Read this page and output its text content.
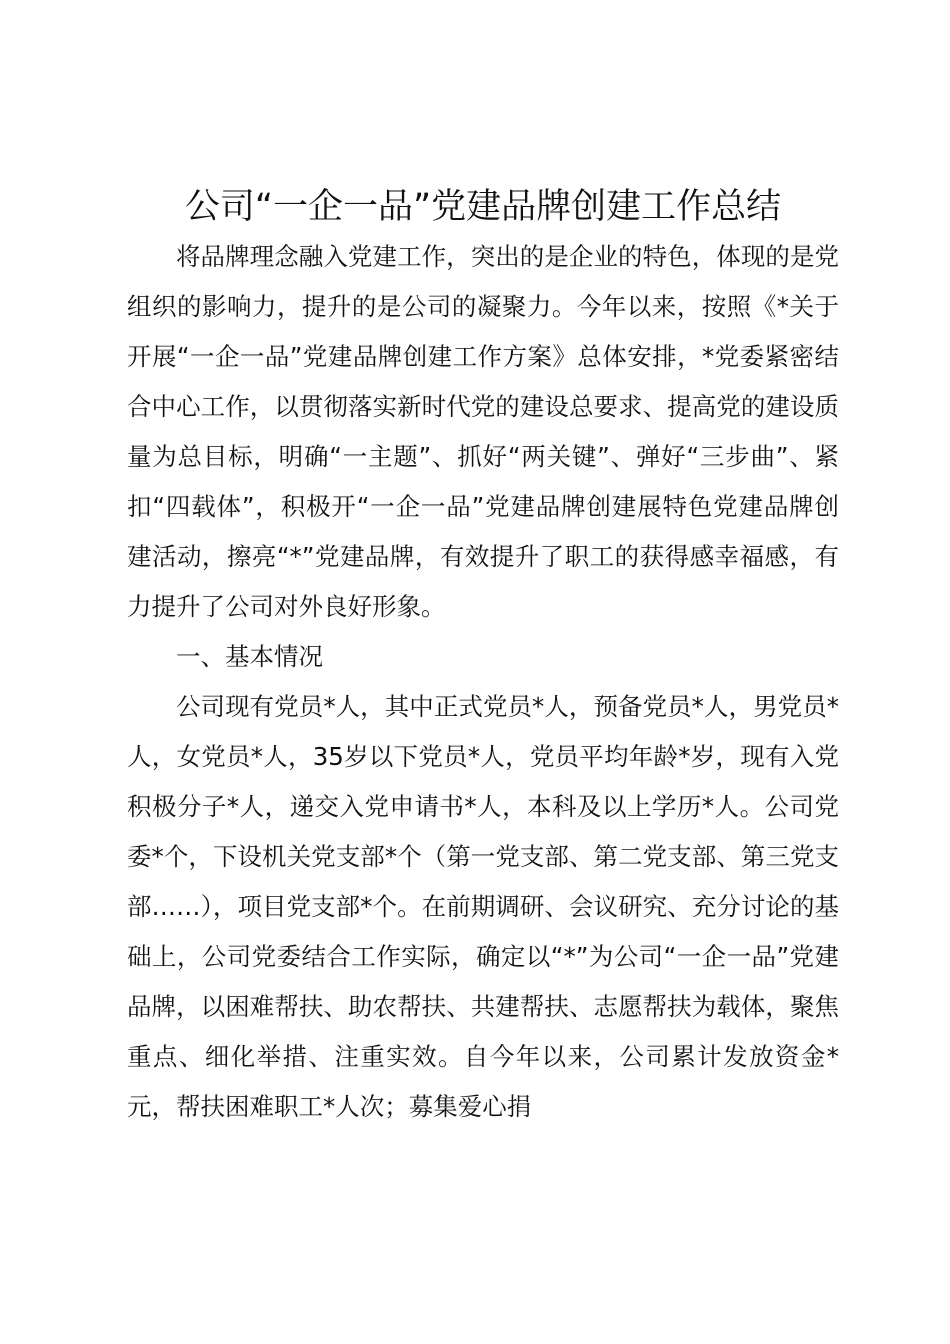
公司“一企一品”党建品牌创建工作总结

将品牌理念融入党建工作，突出的是企业的特色，体现的是党组织的影响力，提升的是公司的凝聚力。今年以来，按照《*关于开展“一企一品”党建品牌创建工作方案》总体安排，*党委紧密结合中心工作，以贯彻落实新时代党的建设总要求、提高党的建设质量为总目标，明确“一主题”、抓好“两关键”、弹好“三步曲”、紧扣“四载体”，积极开“一企一品”党建品牌创建展特色党建品牌创建活动，擦亮“*”党建品牌，有效提升了职工的获得感幸福感，有力提升了公司对外良好形象。

一、基本情况

公司现有党员*人，其中正式党员*人，预备党员*人，男党员*人，女党员*人，35岁以下党员*人，党员平均年龄*岁，现有入党积极分子*人，递交入党申请书*人，本科及以上学历*人。公司党委*个，下设机关党支部*个（第一党支部、第二党支部、第三党支部……），项目党支部*个。在前期调研、会议研究、充分讨论的基础上，公司党委结合工作实际，确定以“*”为公司“一企一品”党建品牌，以困难帮扶、助农帮扶、共建帮扶、志愿帮扶为载体，聚焦重点、细化举措、注重实效。自今年以来，公司累计发放资金*元，帮扶困难职工*人次；募集爱心捐
